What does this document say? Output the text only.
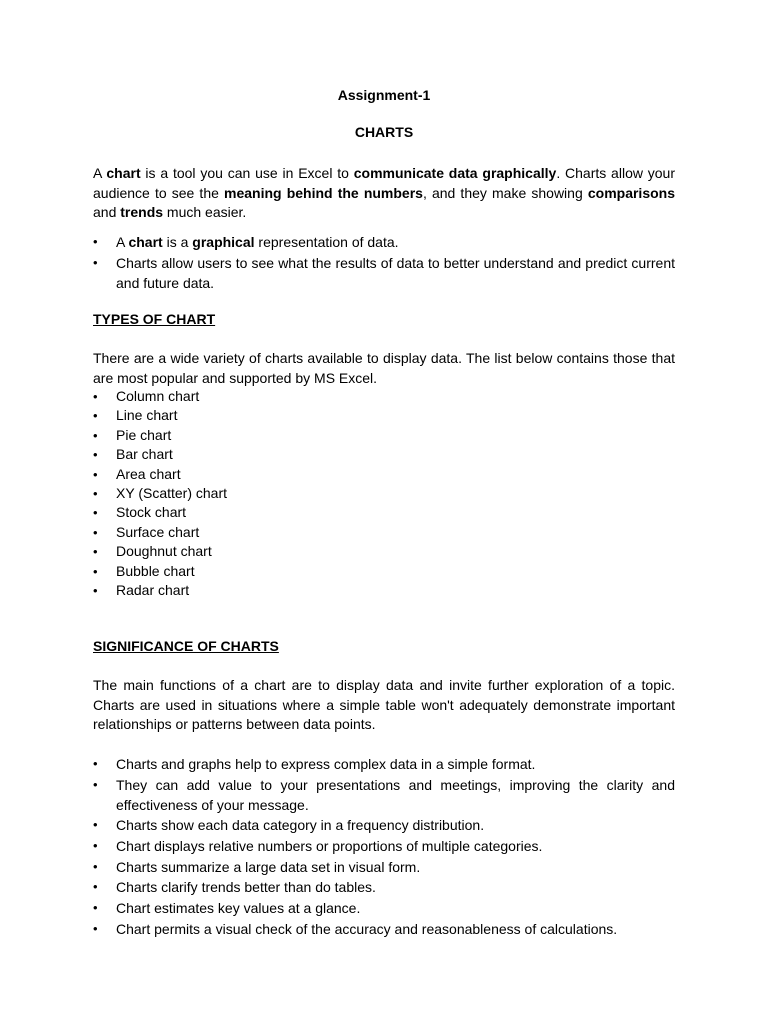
Assignment-1
CHARTS
A chart is a tool you can use in Excel to communicate data graphically. Charts allow your audience to see the meaning behind the numbers, and they make showing comparisons and trends much easier.
• A chart is a graphical representation of data.
• Charts allow users to see what the results of data to better understand and predict current and future data.
TYPES OF CHART
There are a wide variety of charts available to display data. The list below contains those that are most popular and supported by MS Excel.
• Column chart
• Line chart
• Pie chart
• Bar chart
• Area chart
• XY (Scatter) chart
• Stock chart
• Surface chart
• Doughnut chart
• Bubble chart
• Radar chart
SIGNIFICANCE OF CHARTS
The main functions of a chart are to display data and invite further exploration of a topic. Charts are used in situations where a simple table won't adequately demonstrate important relationships or patterns between data points.
• Charts and graphs help to express complex data in a simple format.
• They can add value to your presentations and meetings, improving the clarity and effectiveness of your message.
• Charts show each data category in a frequency distribution.
• Chart displays relative numbers or proportions of multiple categories.
• Charts summarize a large data set in visual form.
• Charts clarify trends better than do tables.
• Chart estimates key values at a glance.
• Chart permits a visual check of the accuracy and reasonableness of calculations.
